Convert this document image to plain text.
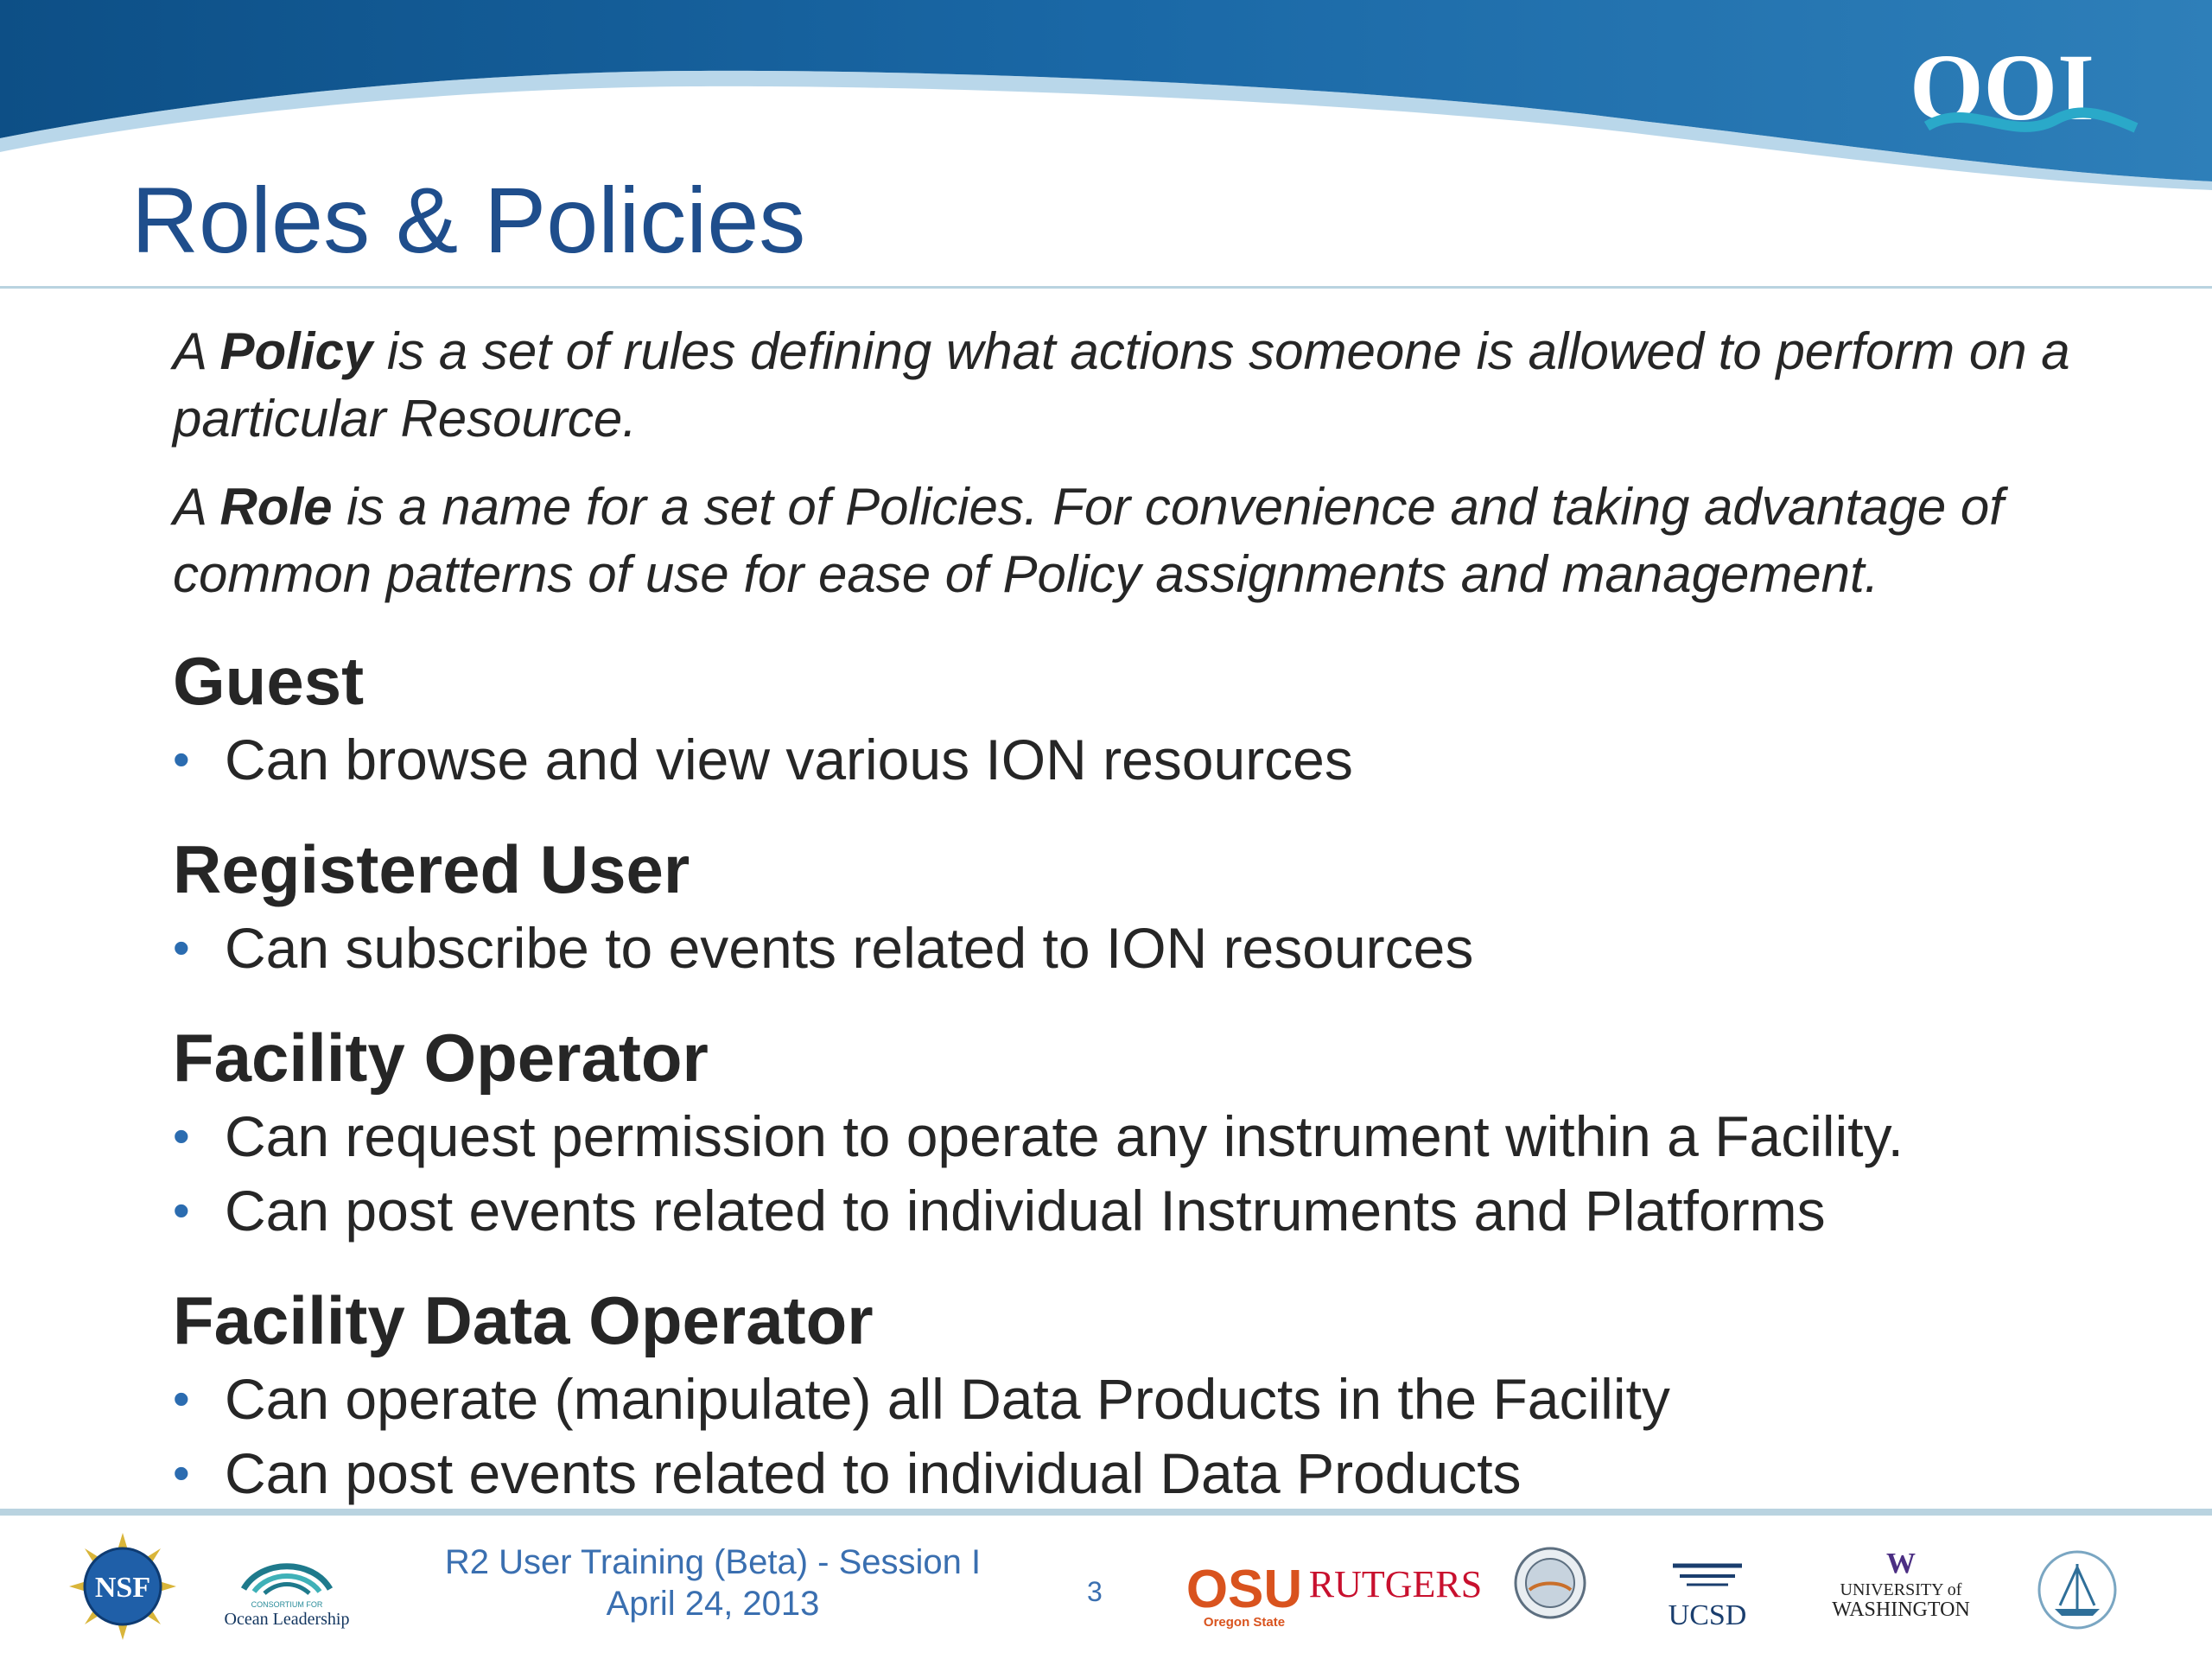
OOI
Roles & Policies

A Policy is a set of rules defining what actions someone is allowed to perform on a particular Resource.

A Role is a name for a set of Policies. For convenience and taking advantage of common patterns of use for ease of Policy assignments and management.

Guest
• Can browse and view various ION resources
Registered User
• Can subscribe to events related to ION resources
Facility Operator
• Can request permission to operate any instrument within a Facility.
• Can post events related to individual Instruments and Platforms
Facility Data Operator
• Can operate (manipulate) all Data Products in the Facility
• Can post events related to individual Data Products
NSF
CONSORTIUM FOR
Ocean Leadership
R2 User Training (Beta) - Session I
April 24, 2013	3 OSU
Oregon State
RUTGERS
UCSD
W
UNIVERSITY of
WASHINGTON
